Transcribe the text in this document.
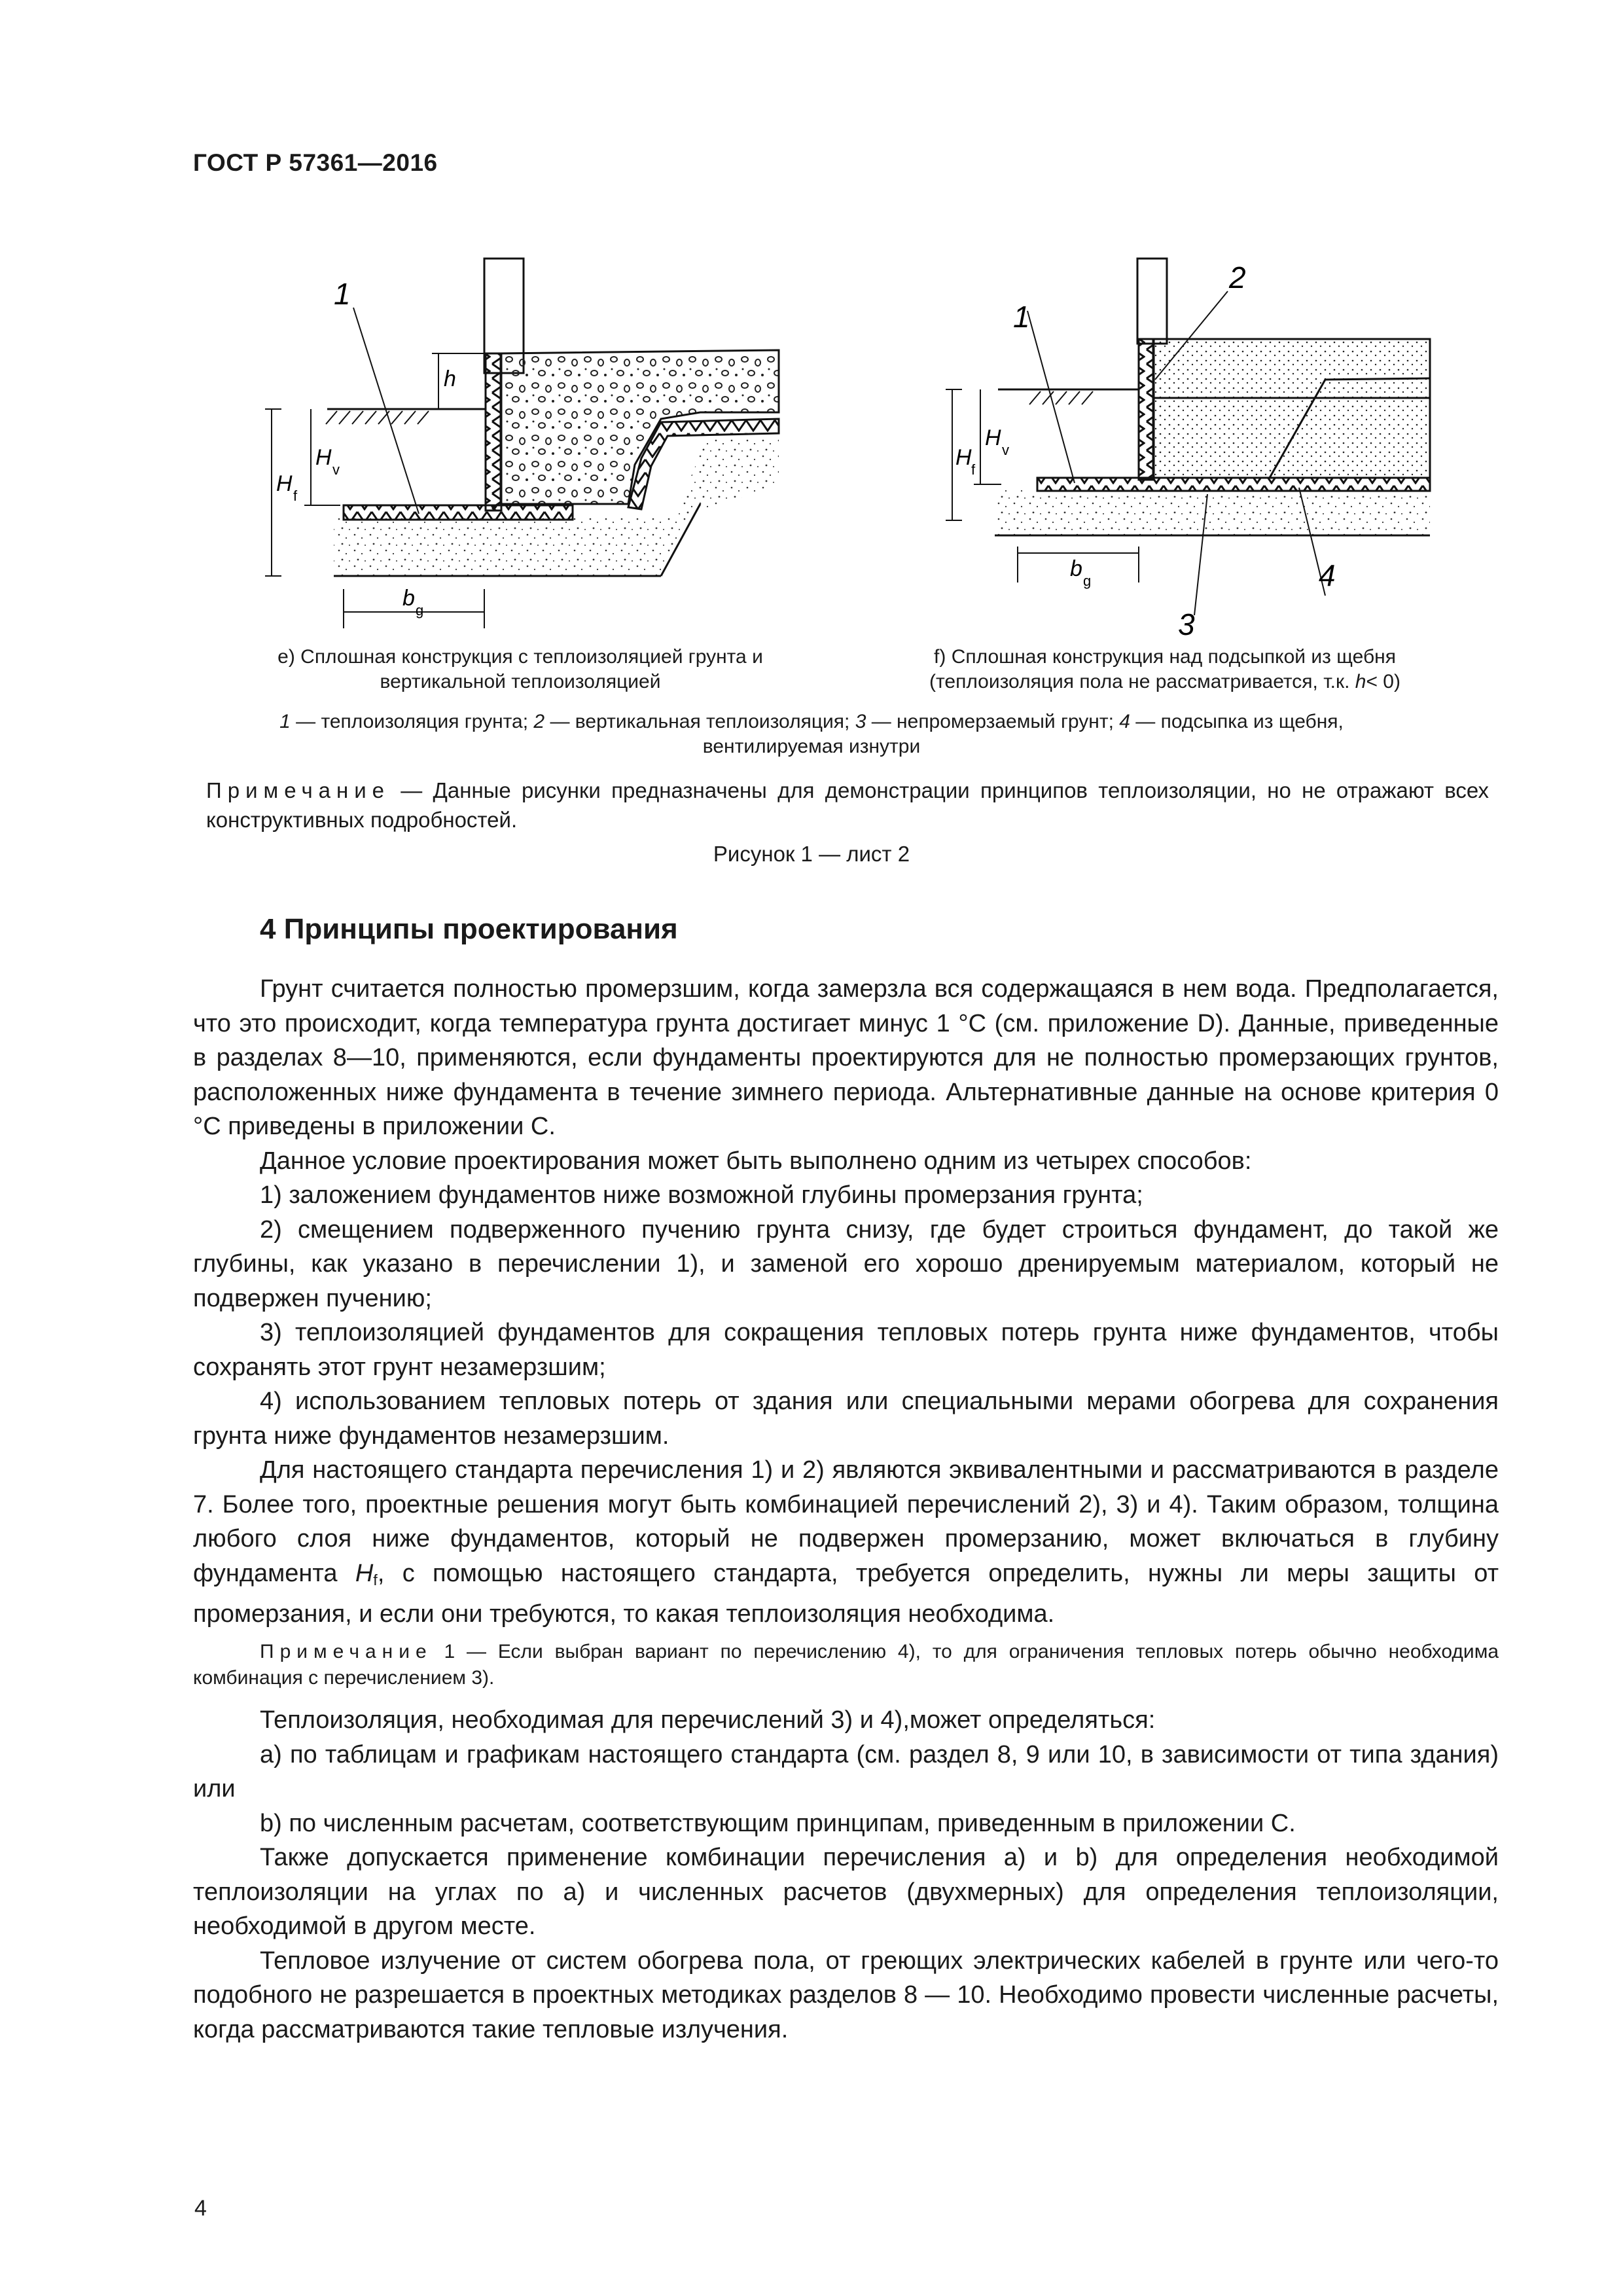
ГОСТ Р 57361—2016
1
h
H v
H f
b g
1
2
3
4
H v
H f
b g
е) Сплошная конструкция с теплоизоляцией грунта и
вертикальной теплоизоляцией
f) Сплошная конструкция над подсыпкой из щебня
(теплоизоляция пола не рассматривается, т.к. h< 0)
1 — теплоизоляция грунта; 2 — вертикальная теплоизоляция; 3 — непромерзаемый грунт; 4 — подсыпка из щебня,
вентилируемая изнутри
Примечание — Данные рисунки предназначены для демонстрации принципов теплоизоляции, но не отражают всех конструктивных подробностей.
Рисунок 1 — лист 2
4 Принципы проектирования

Грунт считается полностью промерзшим, когда замерзла вся содержащаяся в нем вода. Предполагается, что это происходит, когда температура грунта достигает минус 1 °С (см. приложение D). Данные, приведенные в разделах 8—10, применяются, если фундаменты проектируются для не полностью промерзающих грунтов, расположенных ниже фундамента в течение зимнего периода. Альтернативные данные на основе критерия 0 °С приведены в приложении С.

Данное условие проектирования может быть выполнено одним из четырех способов:

1) заложением фундаментов ниже возможной глубины промерзания грунта;

2) смещением подверженного пучению грунта снизу, где будет строиться фундамент, до такой же глубины, как указано в перечислении 1), и заменой его хорошо дренируемым материалом, который не подвержен пучению;

3) теплоизоляцией фундаментов для сокращения тепловых потерь грунта ниже фундаментов, чтобы сохранять этот грунт незамерзшим;

4) использованием тепловых потерь от здания или специальными мерами обогрева для сохранения грунта ниже фундаментов незамерзшим.

Для настоящего стандарта перечисления 1) и 2) являются эквивалентными и рассматриваются в разделе 7. Более того, проектные решения могут быть комбинацией перечислений 2), 3) и 4). Таким образом, толщина любого слоя ниже фундаментов, который не подвержен промерзанию, может включаться в глубину фундамента $H_f$, с помощью настоящего стандарта, требуется определить, нужны ли меры защиты от промерзания, и если они требуются, то какая теплоизоляция необходима.

Примечание 1 — Если выбран вариант по перечислению 4), то для ограничения тепловых потерь обычно необходима комбинация с перечислением 3).

Теплоизоляция, необходимая для перечислений 3) и 4),может определяться:

а) по таблицам и графикам настоящего стандарта (см. раздел 8, 9 или 10, в зависимости от типа здания) или

b) по численным расчетам, соответствующим принципам, приведенным в приложении С.

Также допускается применение комбинации перечисления а) и b) для определения необходимой теплоизоляции на углах по а) и численных расчетов (двухмерных) для определения теплоизоляции, необходимой в другом месте.

Тепловое излучение от систем обогрева пола, от греющих электрических кабелей в грунте или чего-то подобного не разрешается в проектных методиках разделов 8 — 10. Необходимо провести численные расчеты, когда рассматриваются такие тепловые излучения.

4
